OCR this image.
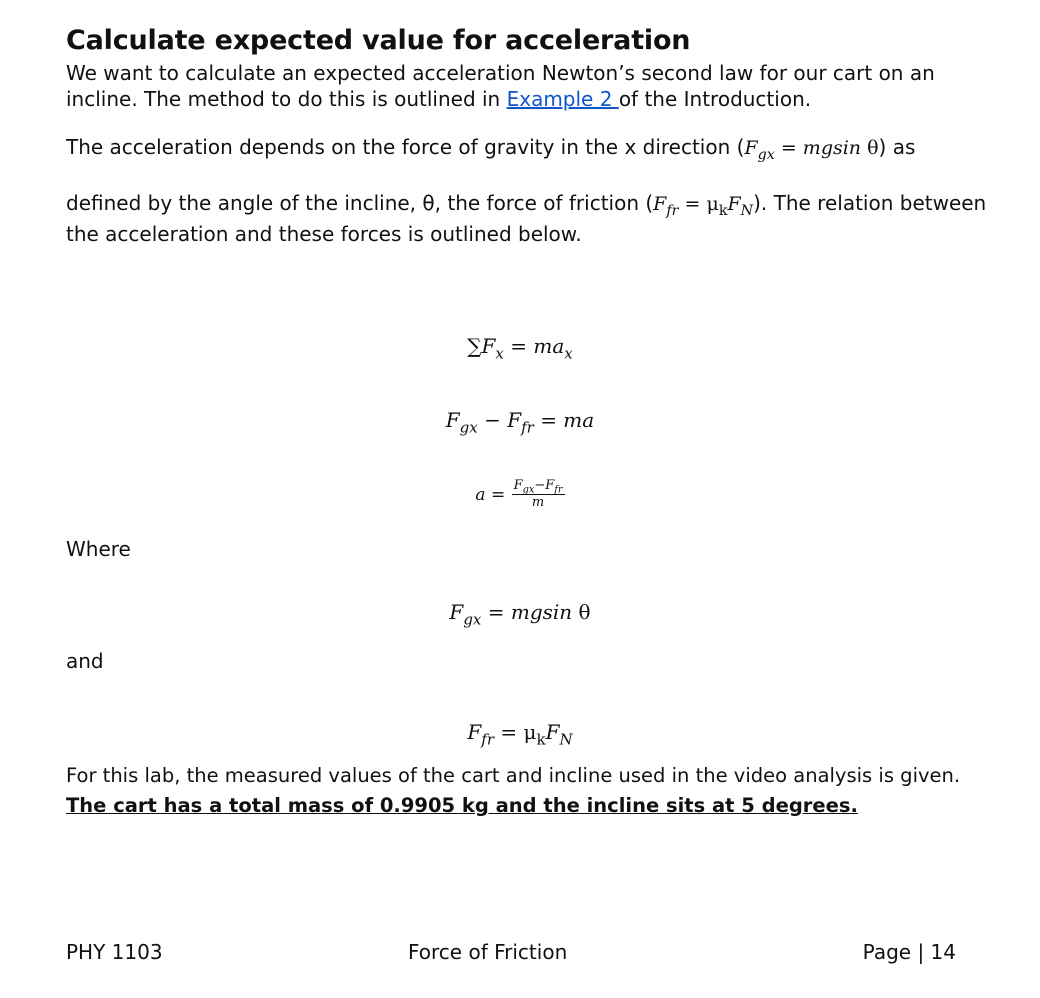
Calculate expected value for acceleration

We want to calculate an expected acceleration Newton’s second law for our cart on an incline. The method to do this is outlined in Example 2 of the Introduction.

The acceleration depends on the force of gravity in the x direction ($F_{gx} = mgsin$ θ) as

defined by the angle of the incline, θ, the force of friction $(F_{fr} = \mu_kF_N)$. The relation between the acceleration and these forces is outlined below.

$\sum F_x = ma_x$
$F_{gx} - F_{fr}$ = ma
$a = \frac{F_{gx}-F_{fr}}{m}$
Where
$F_{gx} = mgsin$ θ
and
$F_{fr} = \mu_kF_N$

For this lab, the measured values of the cart and incline used in the video analysis is given.

The cart has a total mass of 0.9905 kg and the incline sits at 5 degrees.

PHY 1103	Force of Friction	Page | 14
